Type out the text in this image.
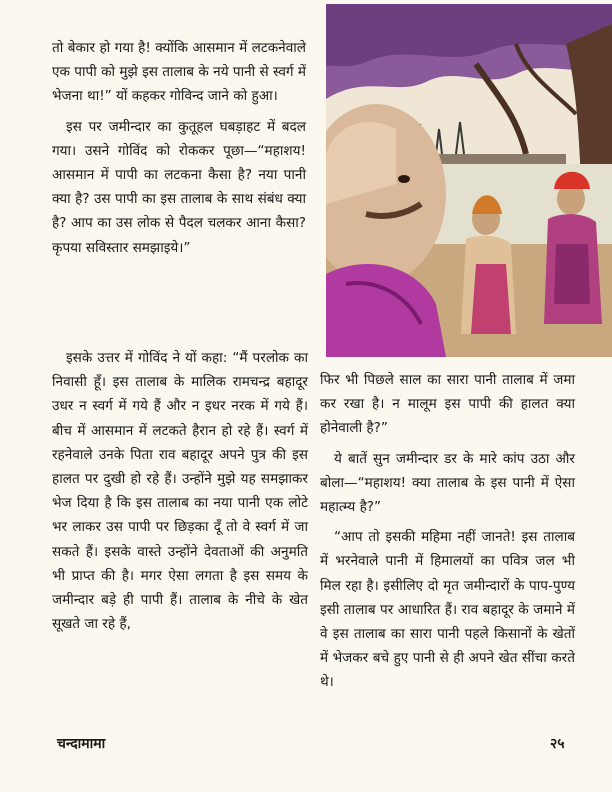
तो बेकार हो गया है! क्योंकि आसमान में लटकनेवाले एक पापी को मुझे इस तालाब के नये पानी से स्वर्ग में भेजना था!” यों कहकर गोविन्द जाने को हुआ।

इस पर जमीन्दार का कुतूहल घबड़ाहट में बदल गया। उसने गोविंद को रोककर पूछा—“महाशय! आसमान में पापी का लटकना कैसा है? नया पानी क्या है? उस पापी का इस तालाब के साथ संबंध क्या है? आप का उस लोक से पैदल चलकर आना कैसा? कृपया सविस्तार समझाइये।”

इसके उत्तर में गोविंद ने यों कहा: “मैं परलोक का निवासी हूँ। इस तालाब के मालिक रामचन्द्र बहादूर उधर न स्वर्ग में गये हैं और न इधर नरक में गये हैं। बीच में आसमान में लटकते हैरान हो रहे हैं। स्वर्ग में रहनेवाले उनके पिता राव बहादूर अपने पुत्र की इस हालत पर दुखी हो रहे हैं। उन्होंने मुझे यह समझाकर भेज दिया है कि इस तालाब का नया पानी एक लोटे भर लाकर उस पापी पर छिड़का दूँ तो वे स्वर्ग में जा सकते हैं। इसके वास्ते उन्होंने देवताओं की अनुमति भी प्राप्त की है। मगर ऐसा लगता है इस समय के जमीन्दार बड़े ही पापी हैं। तालाब के नीचे के खेत सूखते जा रहे हैं,

फिर भी पिछले साल का सारा पानी तालाब में जमा कर रखा है। न मालूम इस पापी की हालत क्या होनेवाली है?”

ये बातें सुन जमीन्दार डर के मारे कांप उठा और बोला—“महाशय! क्या तालाब के इस पानी में ऐसा महात्म्य है?”

“आप तो इसकी महिमा नहीं जानते! इस तालाब में भरनेवाले पानी में हिमालयों का पवित्र जल भी मिल रहा है। इसीलिए दो मृत जमीन्दारों के पाप-पुण्य इसी तालाब पर आधारित हैं। राव बहादूर के जमाने में वे इस तालाब का सारा पानी पहले किसानों के खेतों में भेजकर बचे हुए पानी से ही अपने खेत सींचा करते थे।

चन्दामामा	२५
